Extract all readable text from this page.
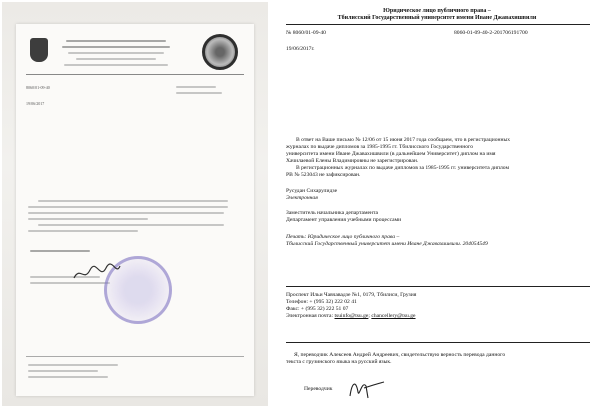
8060/01-09-40
19/06/2017
Юридическое лицо публичного права –
Тбилисский Государственный университет имени Иване Джавахишвили
№ 8060/01-09-40	8060-01-09-40-2-201706191700
19/06/2017г.
В ответ на Ваше письмо № 12/06 от 15 июня 2017 года сообщаем, что в регистрационных
журналах по выдаче дипломов за 1985-1995 гг. Тбилисского Государственного
университета имени Иване Джавахишвили (в дальнейшем Университет) диплом на имя
Хачилаевой Елены Владимировны не зарегистрирован.
В регистрационных журналах по выдаче дипломов за 1985-1995 гг. университета диплом
РВ № 523043 не зафиксирован.
Русудан Сихарулидзе
Электронная
Заместитель начальника департамента
Департамент управления учебными процессами
Печать: Юридическое лицо публичного права –
Тбилисский Государственный университет имени Иване Джавахишвили. 204054549
Проспект Ильи Чавчавадзе №1, 0179, Тбилиси, Грузия
Телефон: + (995 32) 222 02 41
Факс: + (995 32) 222 51 07
Электронная почта: tsuinfo@tsu.ge; chancellery@tsu.ge
Я, переводчик Алексеев Андрей Андреевич, свидетельствую верность перевода данного
текста с грузинского языка на русский язык.
Переводчик
